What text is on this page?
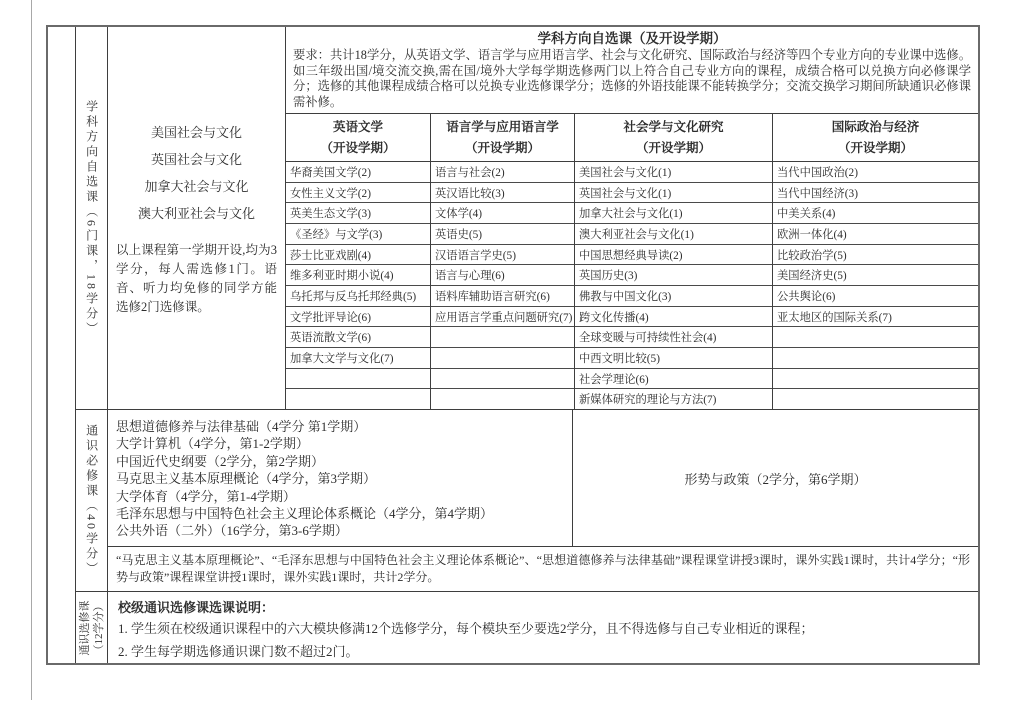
学科方向自选课（6门课，18学分）
通识必修课（40学分）
通识选修课 （12学分）
美国社会与文化
英国社会与文化
加拿大社会与文化
澳大利亚社会与文化
以上课程第一学期开设,均为3学分，每人需选修1门。语音、听力均免修的同学方能选修2门选修课。
学科方向自选课（及开设学期）
要求：共计18学分，从英语文学、语言学与应用语言学、社会与文化研究、国际政治与经济等四个专业方向的专业课中选修。如三年级出国/境交流交换,需在国/境外大学每学期选修两门以上符合自己专业方向的课程，成绩合格可以兑换方向必修课学分；选修的其他课程成绩合格可以兑换专业选修课学分；选修的外语技能课不能转换学分；交流交换学习期间所缺通识必修课需补修。
英语文学
（开设学期）
语言学与应用语言学
（开设学期）
社会学与文化研究
（开设学期）
国际政治与经济
（开设学期）
华裔美国文学(2)
女性主义文学(2)
英美生态文学(3)
《圣经》与文学(3)
莎士比亚戏剧(4)
维多利亚时期小说(4)
乌托邦与反乌托邦经典(5)
文学批评导论(6)
英语流散文学(6)
加拿大文学与文化(7)
语言与社会(2)
英汉语比较(3)
文体学(4)
英语史(5)
汉语语言学史(5)
语言与心理(6)
语料库辅助语言研究(6)
应用语言学重点问题研究(7)
美国社会与文化(1)
英国社会与文化(1)
加拿大社会与文化(1)
澳大利亚社会与文化(1)
中国思想经典导读(2)
英国历史(3)
佛教与中国文化(3)
跨文化传播(4)
全球变暖与可持续性社会(4)
中西文明比较(5)
社会学理论(6)
新媒体研究的理论与方法(7)
当代中国政治(2)
当代中国经济(3)
中美关系(4)
欧洲一体化(4)
比较政治学(5)
美国经济史(5)
公共舆论(6)
亚太地区的国际关系(7)
思想道德修养与法律基础（4学分 第1学期）
大学计算机（4学分，第1-2学期）
中国近代史纲要（2学分，第2学期）
马克思主义基本原理概论（4学分，第3学期）
大学体育（4学分，第1-4学期）
毛泽东思想与中国特色社会主义理论体系概论（4学分，第4学期）
公共外语（二外）（16学分，第3-6学期）
形势与政策（2学分，第6学期）
“马克思主义基本原理概论”、“毛泽东思想与中国特色社会主义理论体系概论”、“思想道德修养与法律基础”课程课堂讲授3课时，课外实践1课时，共计4学分；“形势与政策”课程课堂讲授1课时，课外实践1课时，共计2学分。
校级通识选修课选课说明：
1. 学生须在校级通识课程中的六大模块修满12个选修学分，每个模块至少要选2学分，且不得选修与自己专业相近的课程；
2. 学生每学期选修通识课门数不超过2门。
